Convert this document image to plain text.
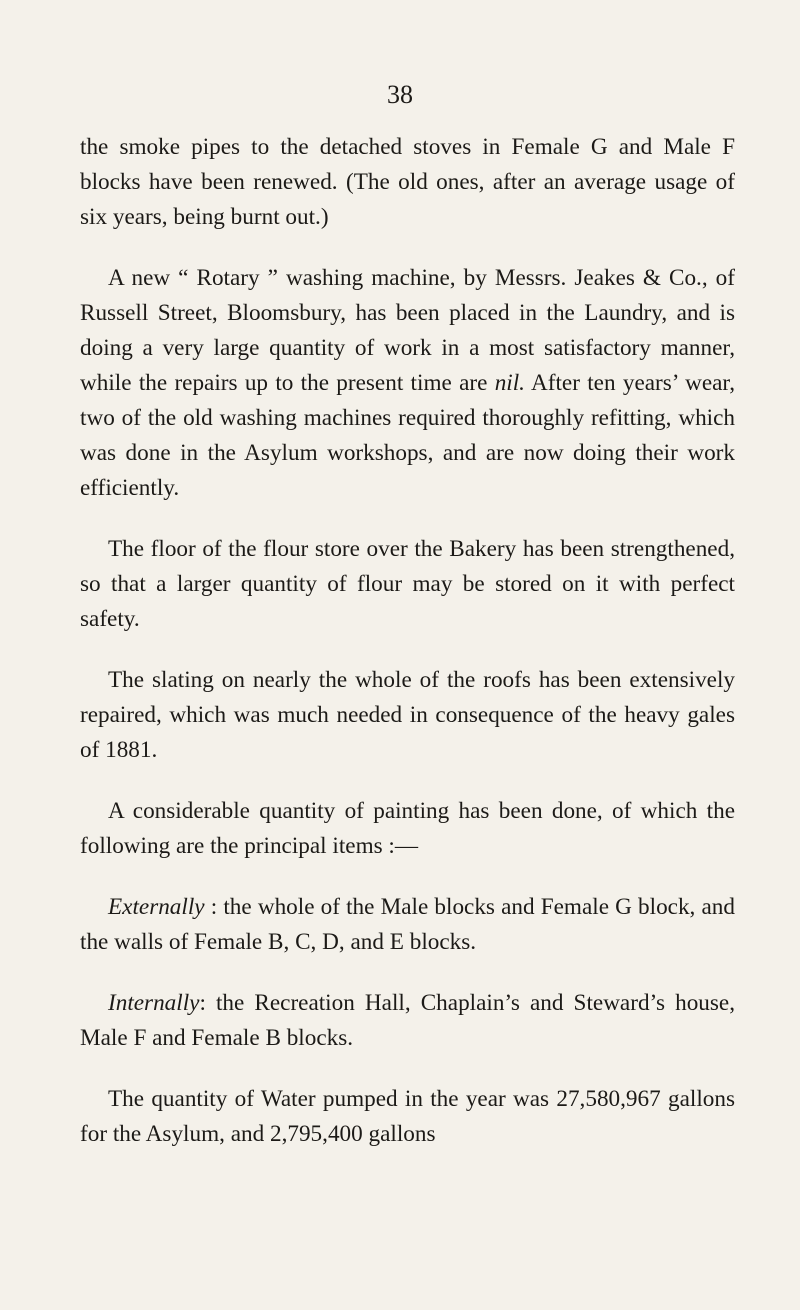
38

the smoke pipes to the detached stoves in Female G and Male F blocks have been renewed. (The old ones, after an average usage of six years, being burnt out.)

A new “ Rotary ” washing machine, by Messrs. Jeakes & Co., of Russell Street, Bloomsbury, has been placed in the Laundry, and is doing a very large quantity of work in a most satisfactory manner, while the repairs up to the present time are nil. After ten years’ wear, two of the old washing machines required thoroughly refitting, which was done in the Asylum workshops, and are now doing their work efficiently.

The floor of the flour store over the Bakery has been strengthened, so that a larger quantity of flour may be stored on it with perfect safety.

The slating on nearly the whole of the roofs has been extensively repaired, which was much needed in consequence of the heavy gales of 1881.

A considerable quantity of painting has been done, of which the following are the principal items :—

Externally : the whole of the Male blocks and Female G block, and the walls of Female B, C, D, and E blocks.

Internally: the Recreation Hall, Chaplain’s and Steward’s house, Male F and Female B blocks.

The quantity of Water pumped in the year was 27,580,967 gallons for the Asylum, and 2,795,400 gallons
